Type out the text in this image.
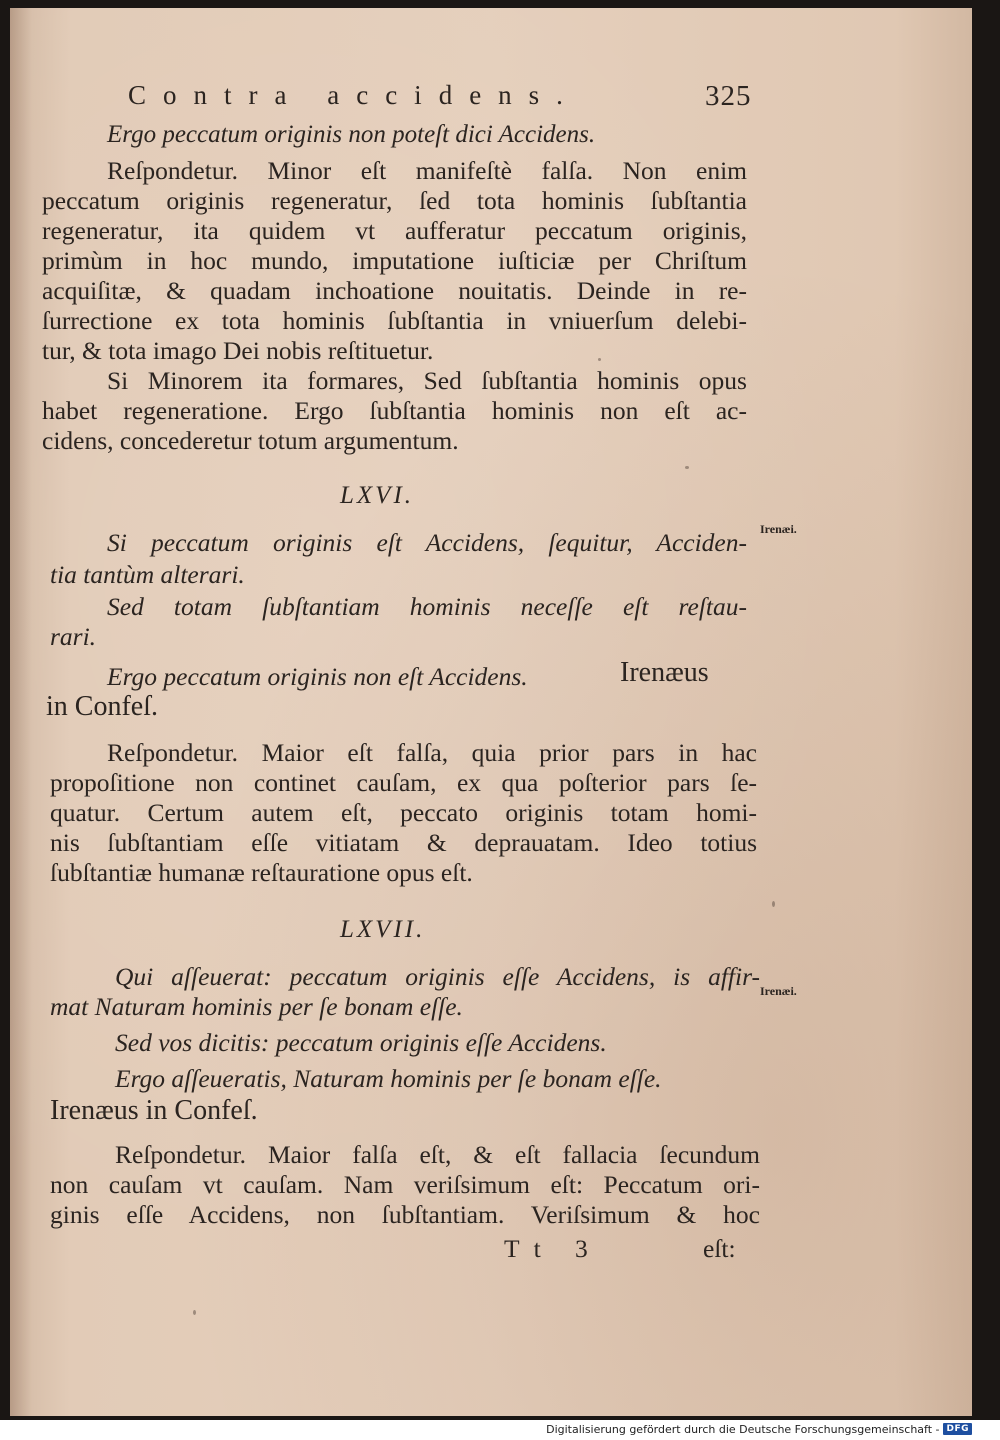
Contra accidens.	325
Ergo peccatum originis non poteſt dici Accidens.
Reſpondetur. Minor eſt manifeſtè falſa. Non enim
peccatum originis regeneratur, ſed tota hominis ſubſtantia
regeneratur, ita quidem vt aufferatur peccatum originis,
primùm in hoc mundo, imputatione iuſticiæ per Chriſtum
acquiſitæ, & quadam inchoatione nouitatis. Deinde in re-
ſurrectione ex tota hominis ſubſtantia in vniuerſum delebi-
tur, & tota imago Dei nobis reſtituetur.
Si Minorem ita formares, Sed ſubſtantia hominis opus
habet regeneratione. Ergo ſubſtantia hominis non eſt ac-
cidens, concederetur totum argumentum.
LXVI.
Irenæi.
Si peccatum originis eſt Accidens, ſequitur, Acciden-
tia tantùm alterari.
Sed totam ſubſtantiam hominis neceſſe eſt reſtau-
rari.
Ergo peccatum originis non eſt Accidens.	Irenæus
in Confeſ.
Reſpondetur. Maior eſt falſa, quia prior pars in hac
propoſitione non continet cauſam, ex qua poſterior pars ſe-
quatur. Certum autem eſt, peccato originis totam homi-
nis ſubſtantiam eſſe vitiatam & deprauatam. Ideo totius
ſubſtantiæ humanæ reſtauratione opus eſt.
LXVII.
Irenæi.
Qui aſſeuerat: peccatum originis eſſe Accidens, is affir-
mat Naturam hominis per ſe bonam eſſe.
Sed vos dicitis: peccatum originis eſſe Accidens.
Ergo aſſeueratis, Naturam hominis per ſe bonam eſſe.
Irenæus in Confeſ.
Reſpondetur. Maior falſa eſt, & eſt fallacia ſecundum
non cauſam vt cauſam. Nam veriſsimum eſt: Peccatum ori-
ginis eſſe Accidens, non ſubſtantiam. Veriſsimum & hoc
Tt 3	eſt:
Digitalisierung gefördert durch die Deutsche Forschungsgemeinschaft - DFG
